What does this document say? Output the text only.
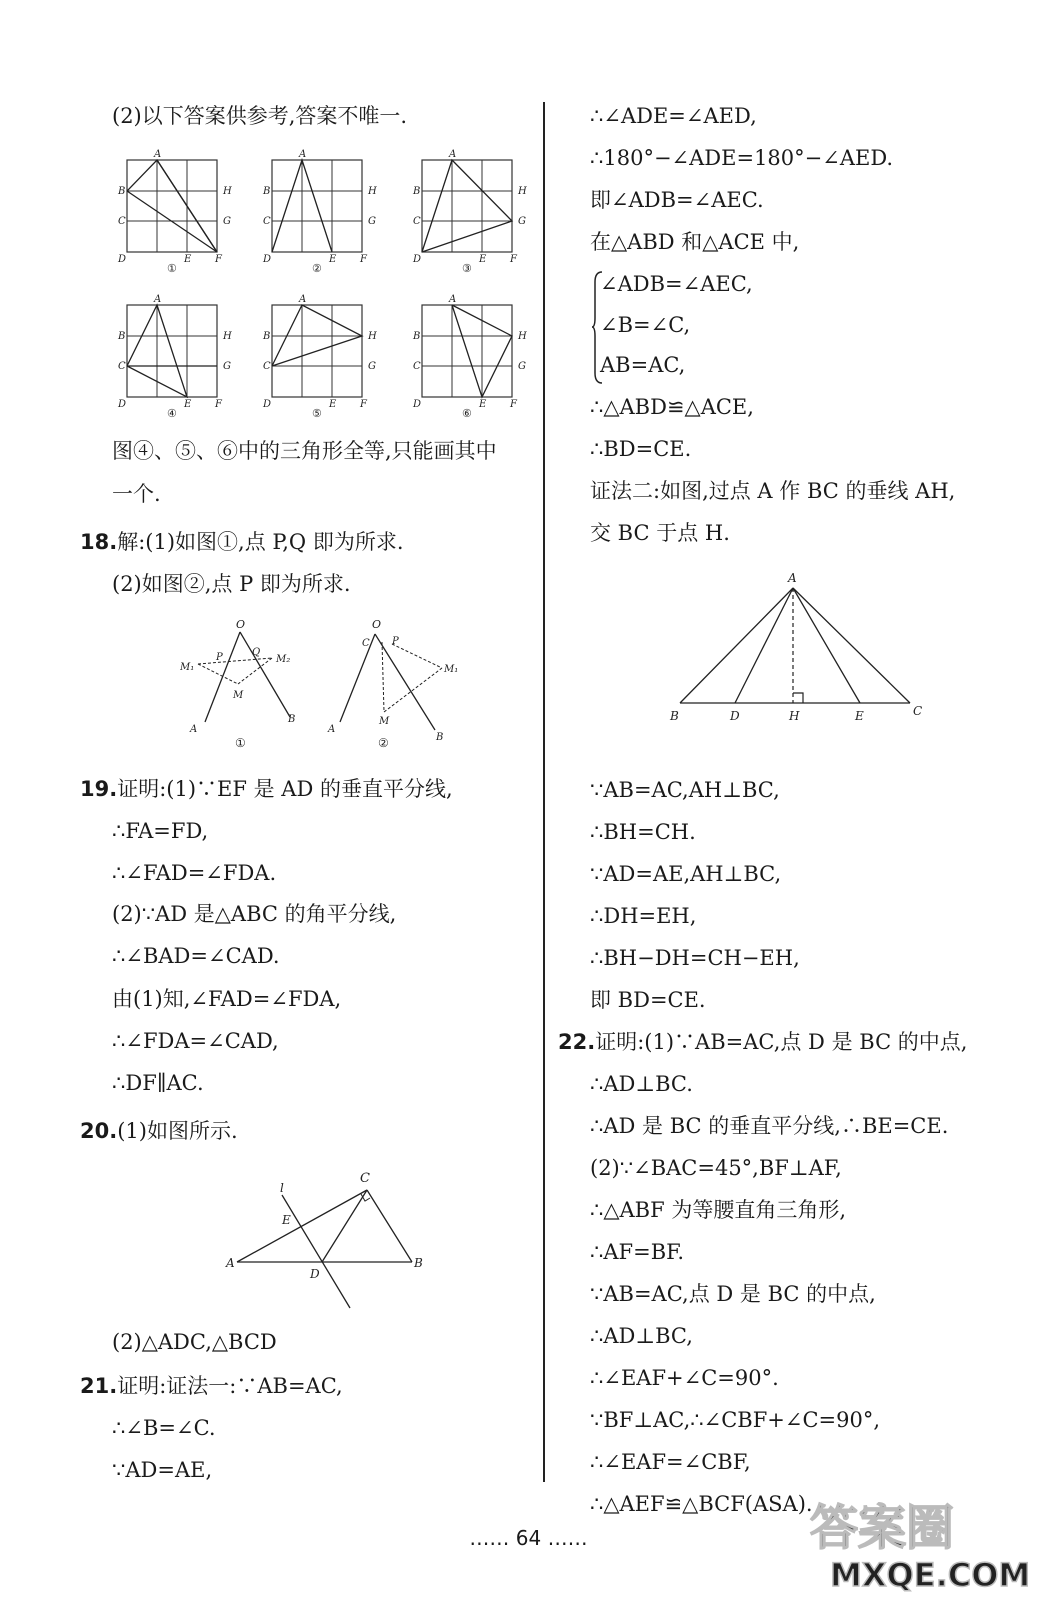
(2)以下答案供参考,答案不唯一.
图④、⑤、⑥中的三角形全等,只能画其中
一个.
18.解:(1)如图①,点 P,Q 即为所求.
(2)如图②,点 P 即为所求.
19.证明:(1)∵EF 是 AD 的垂直平分线,
∴FA=FD,
∴∠FAD=∠FDA.
(2)∵AD 是△ABC 的角平分线,
∴∠BAD=∠CAD.
由(1)知,∠FAD=∠FDA,
∴∠FDA=∠CAD,
∴DF∥AC.
20.(1)如图所示.
(2)△ADC,△BCD
21.证明:证法一:∵AB=AC,
∴∠B=∠C.
∵AD=AE,
A
B
C
D	E F
H
G
①
A
B
C
D	E F
H
G
②
A
B
C
D	E F
H
G
③
A
B
C
D	E F
H
G
④
A
B
C
D	E F
H
G
⑤
A
B
C
D	E F
H
G
⑥
O
P	Q
M₁
M₂
M
A
B
①
O
C P
M₁
M
A
B
②
C
l
E
A
D
B
∴∠ADE=∠AED,
∴180°−∠ADE=180°−∠AED.
即∠ADB=∠AEC.
在△ABD 和△ACE 中,
∠ADB=∠AEC,
∠B=∠C,
AB=AC,
∴△ABD≌△ACE,
∴BD=CE.
证法二:如图,过点 A 作 BC 的垂线 AH,
交 BC 于点 H.
∵AB=AC,AH⊥BC,
∴BH=CH.
∵AD=AE,AH⊥BC,
∴DH=EH,
∴BH−DH=CH−EH,
即 BD=CE.
22.证明:(1)∵AB=AC,点 D 是 BC 的中点,
∴AD⊥BC.
∴AD 是 BC 的垂直平分线,∴BE=CE.
(2)∵∠BAC=45°,BF⊥AF,
∴△ABF 为等腰直角三角形,
∴AF=BF.
∵AB=AC,点 D 是 BC 的中点,
∴AD⊥BC,
∴∠EAF+∠C=90°.
∵BF⊥AC,∴∠CBF+∠C=90°,
∴∠EAF=∠CBF,
∴△AEF≌△BCF(ASA).
A
B	D	H	E	C
…… 64 ……	答案圈
MXQE.COM
